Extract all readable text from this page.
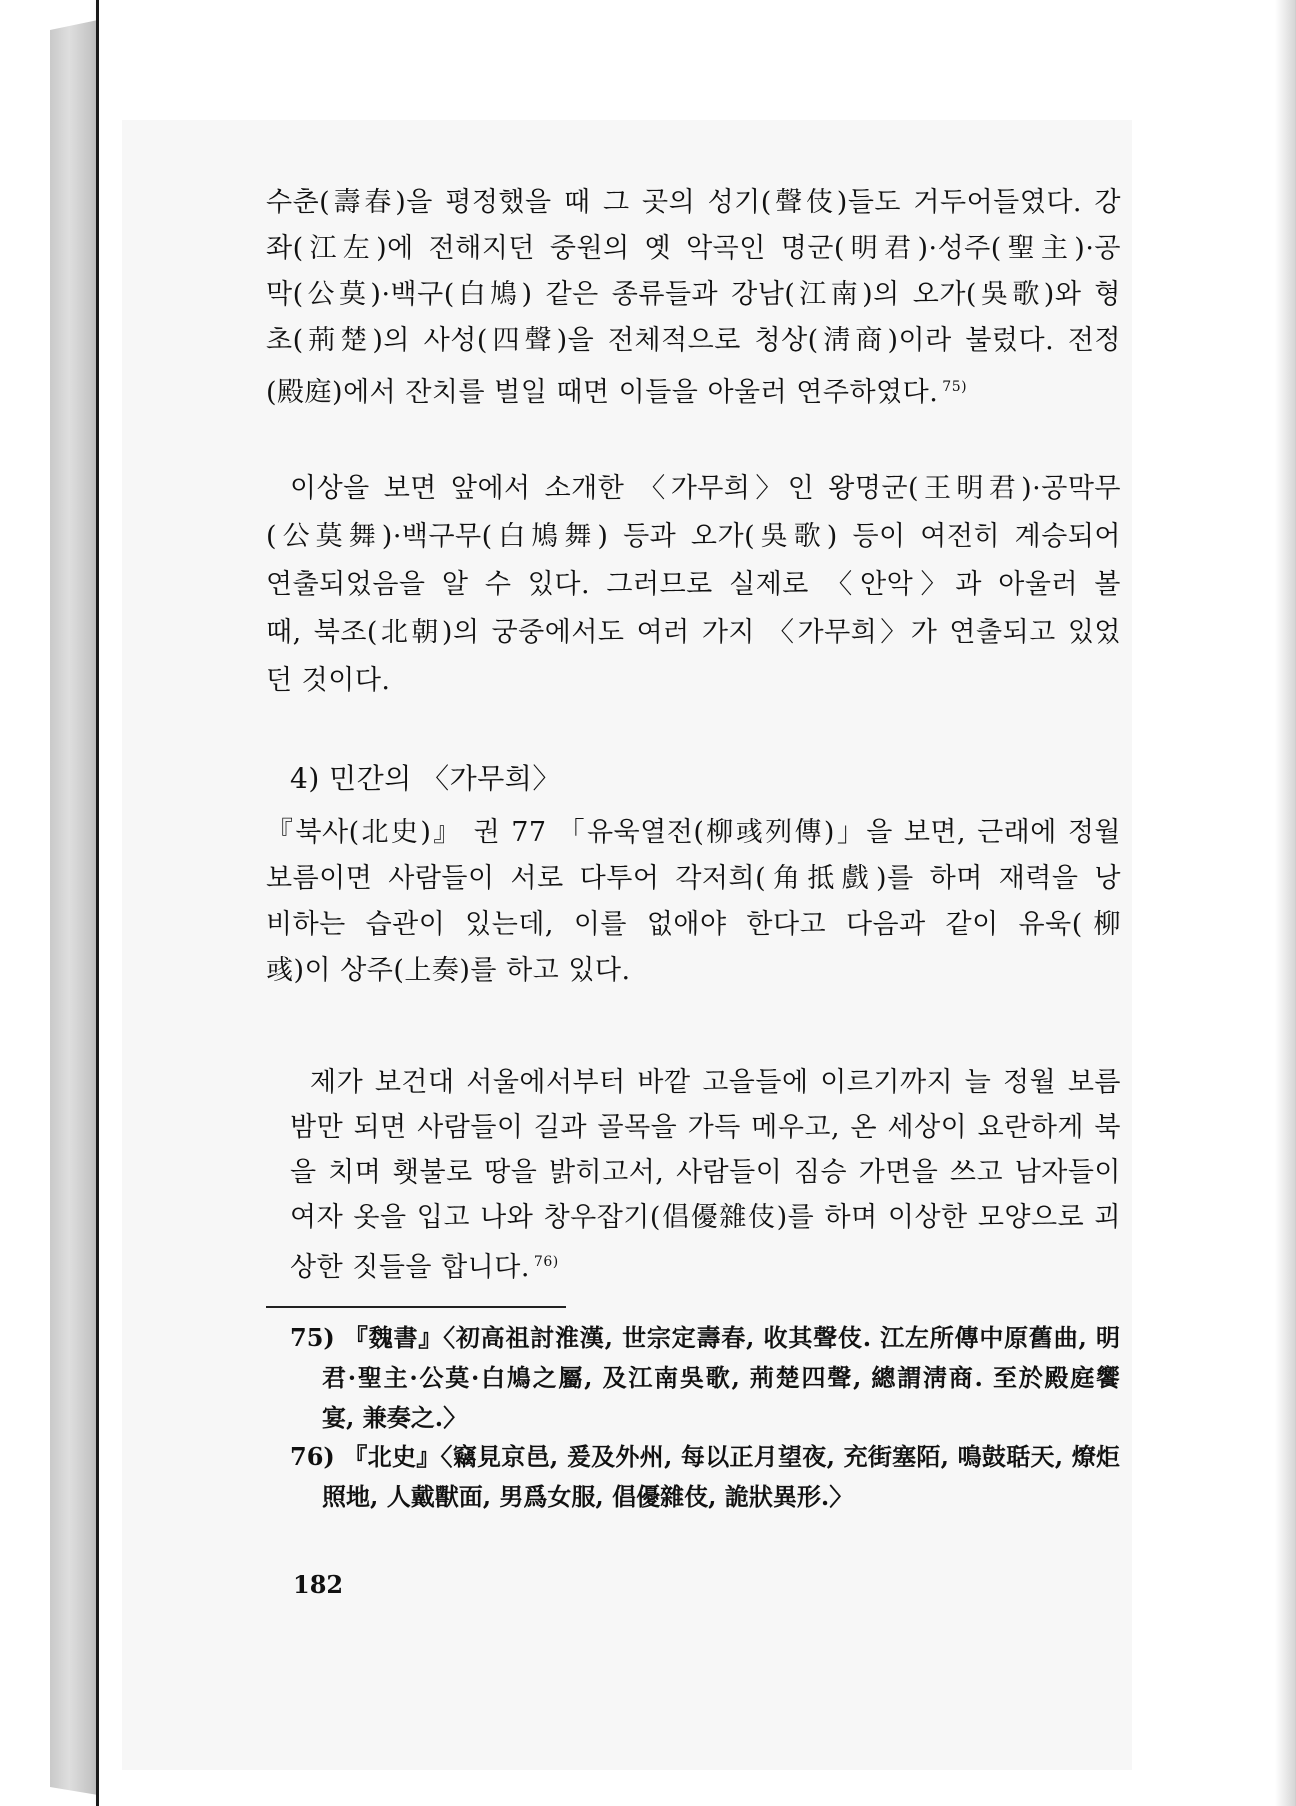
수춘(壽春)을 평정했을 때 그 곳의 성기(聲伎)들도 거두어들였다. 강
좌(江左)에 전해지던 중원의 옛 악곡인 명군(明君)·성주(聖主)·공
막(公莫)·백구(白鳩) 같은 종류들과 강남(江南)의 오가(吳歌)와 형
초(荊楚)의 사성(四聲)을 전체적으로 청상(淸商)이라 불렀다. 전정
(殿庭)에서 잔치를 벌일 때면 이들을 아울러 연주하였다. $^{75)}$
이상을 보면 앞에서 소개한 〈가무희〉인 왕명군(王明君)·공막무
(公莫舞)·백구무(白鳩舞) 등과 오가(吳歌) 등이 여전히 계승되어
연출되었음을 알 수 있다. 그러므로 실제로 〈안악〉과 아울러 볼
때, 북조(北朝)의 궁중에서도 여러 가지 〈가무희〉가 연출되고 있었
던 것이다.
4) 민간의 〈가무희〉
『북사(北史)』 권 77 「유욱열전(柳彧列傳)」을 보면, 근래에 정월
보름이면 사람들이 서로 다투어 각저희(角抵戲)를 하며 재력을 낭
비하는 습관이 있는데, 이를 없애야 한다고 다음과 같이 유욱(柳
彧)이 상주(上奏)를 하고 있다.
제가 보건대 서울에서부터 바깥 고을들에 이르기까지 늘 정월 보름
밤만 되면 사람들이 길과 골목을 가득 메우고, 온 세상이 요란하게 북
을 치며 횃불로 땅을 밝히고서, 사람들이 짐승 가면을 쓰고 남자들이
여자 옷을 입고 나와 창우잡기(倡優雜伎)를 하며 이상한 모양으로 괴
상한 짓들을 합니다. $^{76)}$
75) 『魏書』〈初高祖討淮漢, 世宗定壽春, 收其聲伎. 江左所傳中原舊曲, 明
君·聖主·公莫·白鳩之屬, 及江南吳歌, 荊楚四聲, 總謂淸商. 至於殿庭饗
宴, 兼奏之.〉
76) 『北史』〈竊見京邑, 爰及外州, 每以正月望夜, 充街塞陌, 鳴鼓聒天, 燎炬
照地, 人戴獸面, 男爲女服, 倡優雜伎, 詭狀異形.〉
182
